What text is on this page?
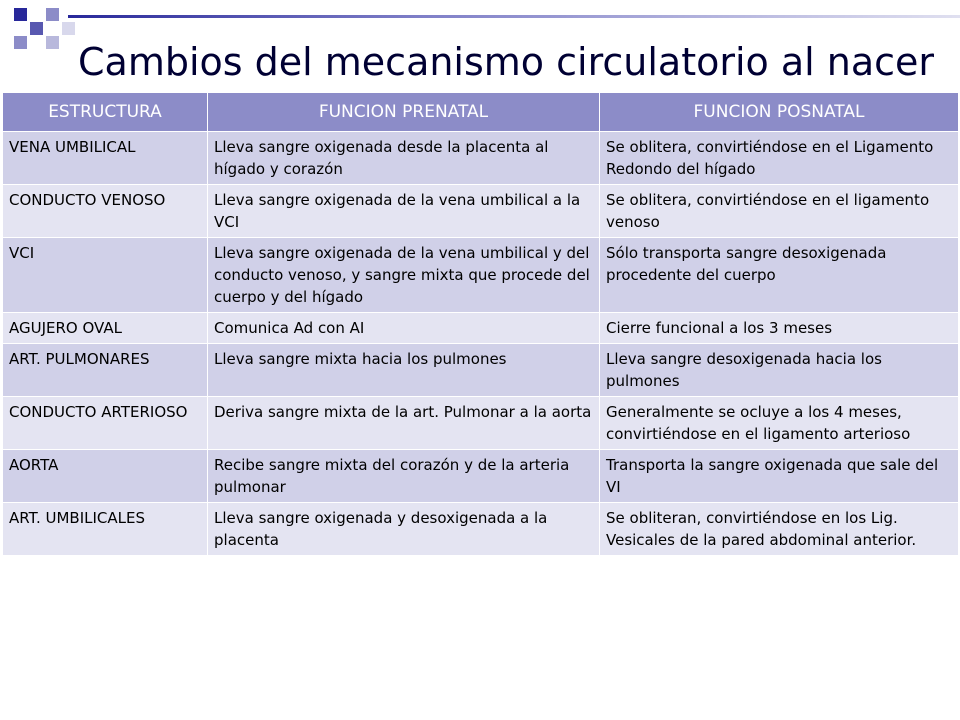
Cambios del mecanismo circulatorio al nacer
ESTRUCTURA	FUNCION PRENATAL	FUNCION POSNATAL
VENA UMBILICAL	Lleva sangre oxigenada desde la placenta al hígado y corazón	Se oblitera, convirtiéndose en el Ligamento Redondo del hígado
CONDUCTO VENOSO	Lleva sangre oxigenada de la vena umbilical a la VCI	Se oblitera, convirtiéndose en el ligamento venoso
VCI	Lleva sangre oxigenada de la vena umbilical y del conducto venoso, y sangre mixta que procede del cuerpo y del hígado	Sólo transporta sangre desoxigenada procedente del cuerpo
AGUJERO OVAL	Comunica Ad con AI	Cierre funcional a los 3 meses
ART. PULMONARES	Lleva sangre mixta hacia los pulmones	Lleva sangre desoxigenada hacia los pulmones
CONDUCTO ARTERIOSO	Deriva sangre mixta de la art. Pulmonar a la aorta	Generalmente se ocluye a los 4 meses, convirtiéndose en el ligamento arterioso
AORTA	Recibe sangre mixta del corazón y de la arteria pulmonar	Transporta la sangre oxigenada que sale del VI
ART. UMBILICALES	Lleva sangre oxigenada y desoxigenada a la placenta	Se obliteran, convirtiéndose en los Lig. Vesicales de la pared abdominal anterior.
